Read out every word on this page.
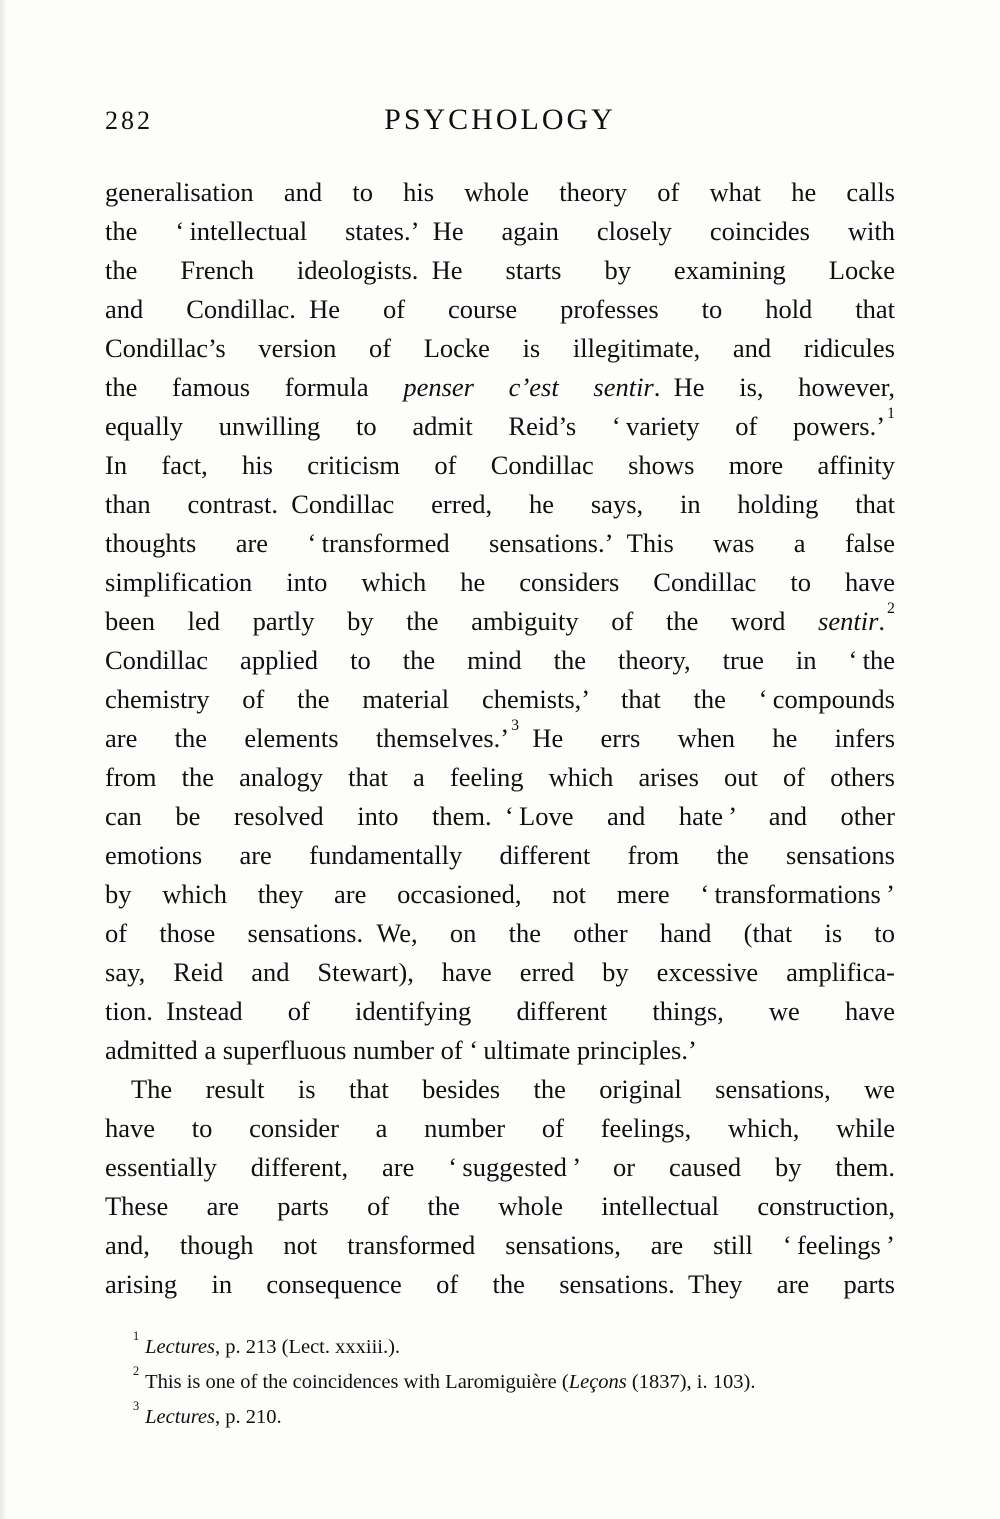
282	PSYCHOLOGY
generalisation and to his whole theory of what he calls
the ‘ intellectual states.’ He again closely coincides with
the French ideologists. He starts by examining Locke
and Condillac. He of course professes to hold that
Condillac’s version of Locke is illegitimate, and ridicules
the famous formula penser c’est sentir. He is, however,
equally unwilling to admit Reid’s ‘ variety of powers.’ $^1$
In fact, his criticism of Condillac shows more affinity
than contrast. Condillac erred, he says, in holding that
thoughts are ‘ transformed sensations.’ This was a false
simplification into which he considers Condillac to have
been led partly by the ambiguity of the word sentir. $^2$
Condillac applied to the mind the theory, true in ‘ the
chemistry of the material chemists,’ that the ‘ compounds
are the elements themselves.’ $^3$ He errs when he infers
from the analogy that a feeling which arises out of others
can be resolved into them. ‘ Love and hate ’ and other
emotions are fundamentally different from the sensations
by which they are occasioned, not mere ‘ transformations ’
of those sensations. We, on the other hand (that is to
say, Reid and Stewart), have erred by excessive amplifica-
tion. Instead of identifying different things, we have
admitted a superfluous number of ‘ ultimate principles.’
The result is that besides the original sensations, we
have to consider a number of feelings, which, while
essentially different, are ‘ suggested ’ or caused by them.
These are parts of the whole intellectual construction,
and, though not transformed sensations, are still ‘ feelings ’
arising in consequence of the sensations. They are parts
$^1$Lectures, p. 213 (Lect. xxxiii.).
$^2$This is one of the coincidences with Laromiguière (Leçons (1837), i. 103).
$^3$Lectures, p. 210.
